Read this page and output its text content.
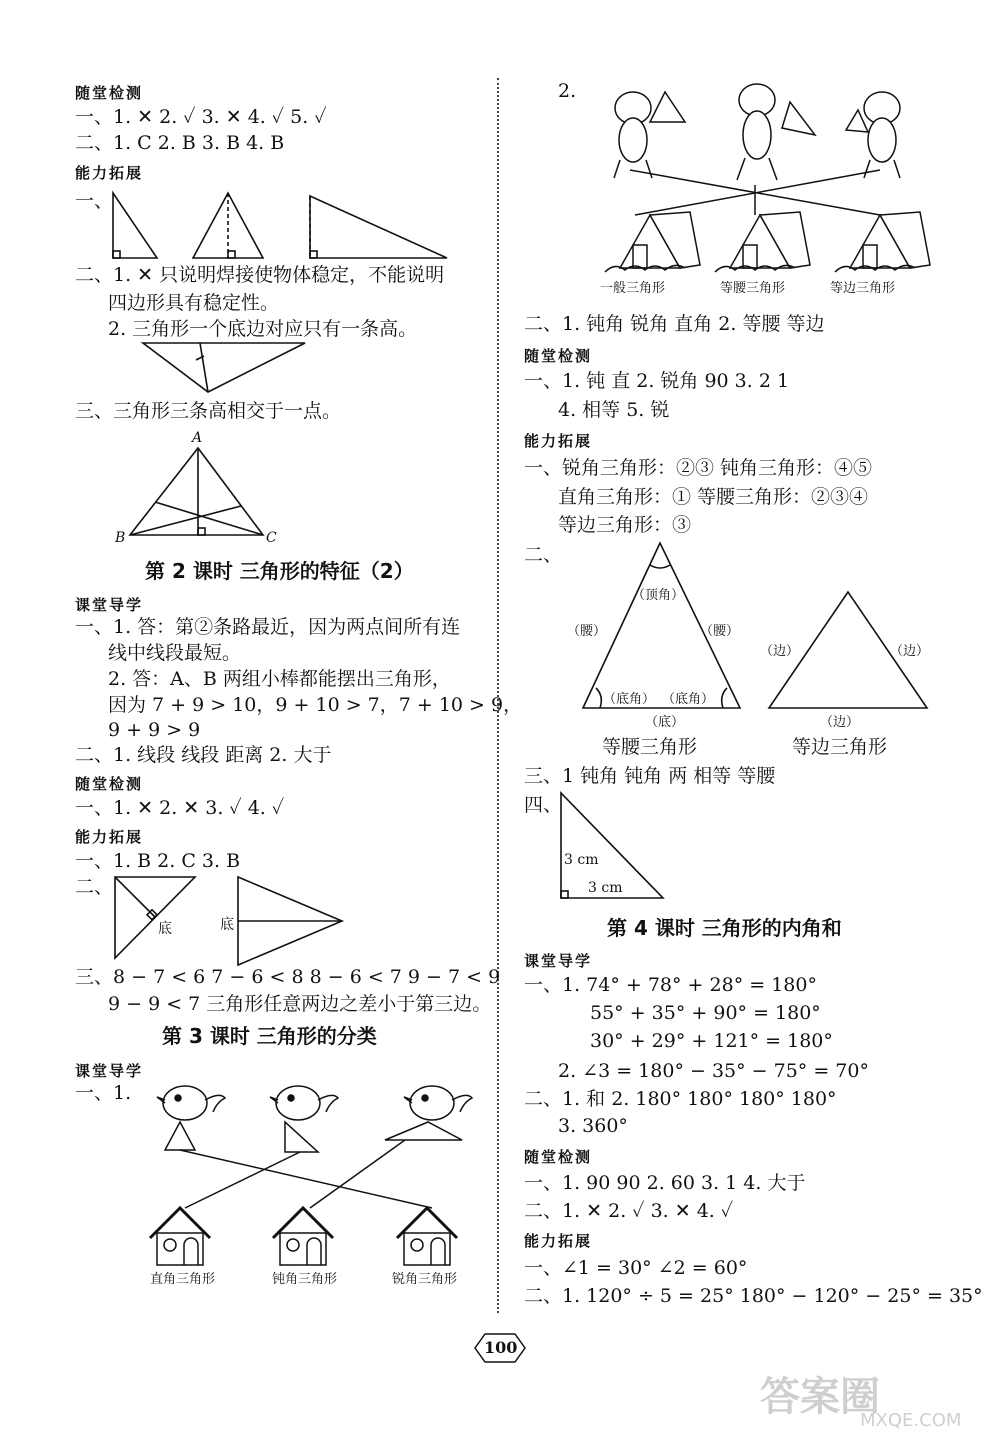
随堂检测
一、1. ✕ 2. ✓ 3. ✕ 4. ✓ 5. ✓
二、1. C 2. B 3. B 4. B
能力拓展
一、
二、1. ✕ 只说明焊接使物体稳定，不能说明
四边形具有稳定性。
2. 三角形一个底边对应只有一条高。
三、三角形三条高相交于一点。
A
B	C
第 2 课时 三角形的特征（2）
课堂导学
一、1. 答：第②条路最近，因为两点间所有连
线中线段最短。
2. 答：A、B 两组小棒都能摆出三角形，
因为 7 + 9 > 10，9 + 10 > 7，7 + 10 > 9，
9 + 9 > 9
二、1. 线段 线段 距离 2. 大于
随堂检测
一、1. ✕ 2. ✕ 3. ✓ 4. ✓
能力拓展
一、1. B 2. C 3. B
二、
底	底
三、8 − 7 < 6 7 − 6 < 8 8 − 6 < 7 9 − 7 < 9
9 − 9 < 7 三角形任意两边之差小于第三边。
第 3 课时 三角形的分类
课堂导学
一、1.
直角三角形	钝角三角形	锐角三角形
2.
一般三角形	等腰三角形	等边三角形
二、1. 钝角 锐角 直角 2. 等腰 等边
随堂检测
一、1. 钝 直 2. 锐角 90 3. 2 1
4. 相等 5. 锐
能力拓展
一、锐角三角形：②③ 钝角三角形：④⑤
直角三角形：① 等腰三角形：②③④
等边三角形：③
二、
（顶角）
（腰）	（腰）
（底角） （底角）
（底）
（边）	（边）
（边）
等腰三角形	等边三角形
三、1 钝角 钝角 两 相等 等腰
四、
3 cm
3 cm
第 4 课时 三角形的内角和
课堂导学
一、1. 74° + 78° + 28° = 180°
55° + 35° + 90° = 180°
30° + 29° + 121° = 180°
2. ∠3 = 180° − 35° − 75° = 70°
二、1. 和 2. 180° 180° 180° 180°
3. 360°
随堂检测
一、1. 90 90 2. 60 3. 1 4. 大于
二、1. ✕ 2. ✓ 3. ✕ 4. ✓
能力拓展
一、∠1 = 30° ∠2 = 60°
二、1. 120° ÷ 5 = 25° 180° − 120° − 25° = 35°
100
答案圈
MXQE.COM
